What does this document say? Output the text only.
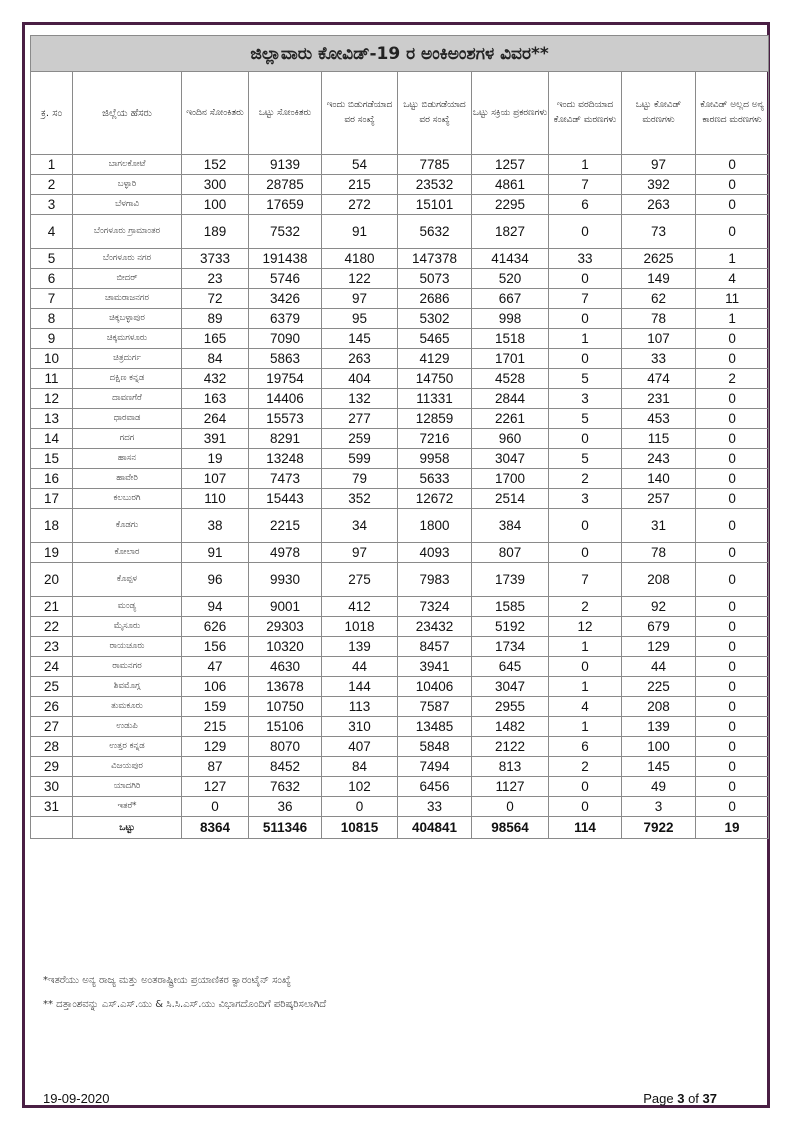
ಜಿಲ್ಲಾವಾರು ಕೋವಿಡ್-19 ರ ಅಂಕಿಅಂಶಗಳ ವಿವರ**									
ಕ್ರ. ಸಂ	ಜಿಲ್ಲೆಯ ಹೆಸರು	ಇಂದಿನ ಸೋಂಕಿತರು	ಒಟ್ಟು ಸೋಂಕಿತರು	ಇಂದು ಬಿಡುಗಡೆಯಾದ ವರ ಸಂಖ್ಯೆ	ಒಟ್ಟು ಬಿಡುಗಡೆಯಾದ ವರ ಸಂಖ್ಯೆ	ಒಟ್ಟು ಸಕ್ರಿಯ ಪ್ರಕರಣಗಳು	ಇಂದು ವರದಿಯಾದ ಕೋವಿಡ್ ಮರಣಗಳು	ಒಟ್ಟು ಕೋವಿಡ್ ಮರಣಗಳು	ಕೋವಿಡ್ ಅಲ್ಲದ ಅನ್ಯ ಕಾರಣದ ಮರಣಗಳು
1	ಬಾಗಲಕೋಟೆ	152	9139	54	7785	1257	1	97	0
2	ಬಳ್ಳಾರಿ	300	28785	215	23532	4861	7	392	0
3	ಬೆಳಗಾವಿ	100	17659	272	15101	2295	6	263	0
4	ಬೆಂಗಳೂರು ಗ್ರಾಮಾಂತರ	189	7532	91	5632	1827	0	73	0
5	ಬೆಂಗಳೂರು ನಗರ	3733	191438	4180	147378	41434	33	2625	1
6	ಬೀದರ್	23	5746	122	5073	520	0	149	4
7	ಚಾಮರಾಜನಗರ	72	3426	97	2686	667	7	62	11
8	ಚಿಕ್ಕಬಳ್ಳಾಪುರ	89	6379	95	5302	998	0	78	1
9	ಚಿಕ್ಕಮಗಳೂರು	165	7090	145	5465	1518	1	107	0
10	ಚಿತ್ರದುರ್ಗ	84	5863	263	4129	1701	0	33	0
11	ದಕ್ಷಿಣ ಕನ್ನಡ	432	19754	404	14750	4528	5	474	2
12	ದಾವಣಗೆರೆ	163	14406	132	11331	2844	3	231	0
13	ಧಾರವಾಡ	264	15573	277	12859	2261	5	453	0
14	ಗದಗ	391	8291	259	7216	960	0	115	0
15	ಹಾಸನ	19	13248	599	9958	3047	5	243	0
16	ಹಾವೇರಿ	107	7473	79	5633	1700	2	140	0
17	ಕಲಬುರಗಿ	110	15443	352	12672	2514	3	257	0
18	ಕೊಡಗು	38	2215	34	1800	384	0	31	0
19	ಕೋಲಾರ	91	4978	97	4093	807	0	78	0
20	ಕೊಪ್ಪಳ	96	9930	275	7983	1739	7	208	0
21	ಮಂಡ್ಯ	94	9001	412	7324	1585	2	92	0
22	ಮೈಸೂರು	626	29303	1018	23432	5192	12	679	0
23	ರಾಯಚೂರು	156	10320	139	8457	1734	1	129	0
24	ರಾಮನಗರ	47	4630	44	3941	645	0	44	0
25	ಶಿವಮೊಗ್ಗ	106	13678	144	10406	3047	1	225	0
26	ತುಮಕೂರು	159	10750	113	7587	2955	4	208	0
27	ಉಡುಪಿ	215	15106	310	13485	1482	1	139	0
28	ಉತ್ತರ ಕನ್ನಡ	129	8070	407	5848	2122	6	100	0
29	ವಿಜಯಪುರ	87	8452	84	7494	813	2	145	0
30	ಯಾದಗಿರಿ	127	7632	102	6456	1127	0	49	0
31	ಇತರೆ*	0	36	0	33	0	0	3	0
	ಒಟ್ಟು	8364	511346	10815	404841	98564	114	7922	19
*ಇತರೆಯು ಅನ್ಯ ರಾಜ್ಯ ಮತ್ತು ಅಂತರಾಷ್ಟ್ರೀಯ ಪ್ರಯಾಣಿಕರ ಕ್ವಾರಂಟೈನ್ ಸಂಖ್ಯೆ
** ದತ್ತಾಂಶವನ್ನು ಎಸ್.ಎಸ್.ಯು & ಸಿ.ಸಿ.ಎಸ್.ಯು ವಿಭಾಗದೊಂದಿಗೆ ಪರಿಷ್ಕರಿಸಲಾಗಿದೆ
19-09-2020	Page 3 of 37
